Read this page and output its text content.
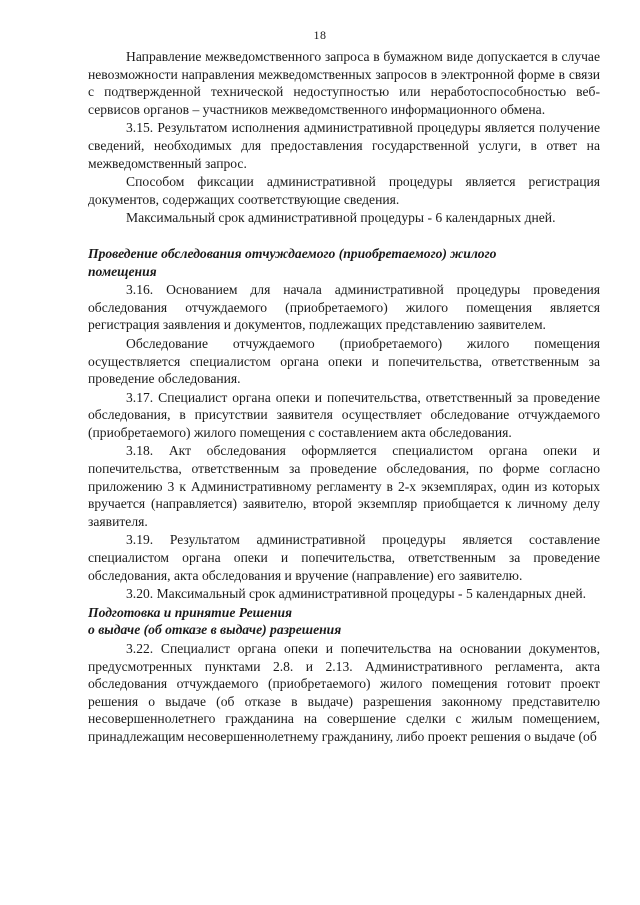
18

Направление межведомственного запроса в бумажном виде допускается в случае невозможности направления межведомственных запросов в электронной форме в связи с подтвержденной технической недоступностью или неработоспособностью веб-сервисов органов – участников межведомственного информационного обмена.

3.15. Результатом исполнения административной процедуры является получение сведений, необходимых для предоставления государственной услуги, в ответ на межведомственный запрос.

Способом фиксации административной процедуры является регистрация документов, содержащих соответствующие сведения.

Максимальный срок административной процедуры - 6 календарных дней.

Проведение обследования отчуждаемого (приобретаемого) жилого
помещения

3.16. Основанием для начала административной процедуры проведения обследования отчуждаемого (приобретаемого) жилого помещения является регистрация заявления и документов, подлежащих представлению заявителем.

Обследование отчуждаемого (приобретаемого) жилого помещения осуществляется специалистом органа опеки и попечительства, ответственным за проведение обследования.

3.17. Специалист органа опеки и попечительства, ответственный за проведение обследования, в присутствии заявителя осуществляет обследование отчуждаемого (приобретаемого) жилого помещения с составлением акта обследования.

3.18. Акт обследования оформляется специалистом органа опеки и попечительства, ответственным за проведение обследования, по форме согласно приложению 3 к Административному регламенту в 2-х экземплярах, один из которых вручается (направляется) заявителю, второй экземпляр приобщается к личному делу заявителя.

3.19. Результатом административной процедуры является составление специалистом органа опеки и попечительства, ответственным за проведение обследования, акта обследования и вручение (направление) его заявителю.

3.20. Максимальный срок административной процедуры - 5 календарных дней.

Подготовка и принятие Решения
о выдаче (об отказе в выдаче) разрешения

3.22. Специалист органа опеки и попечительства на основании документов, предусмотренных пунктами 2.8. и 2.13. Административного регламента, акта обследования отчуждаемого (приобретаемого) жилого помещения готовит проект решения о выдаче (об отказе в выдаче) разрешения законному представителю несовершеннолетнего гражданина на совершение сделки с жилым помещением, принадлежащим несовершеннолетнему гражданину, либо проект решения о выдаче (об
